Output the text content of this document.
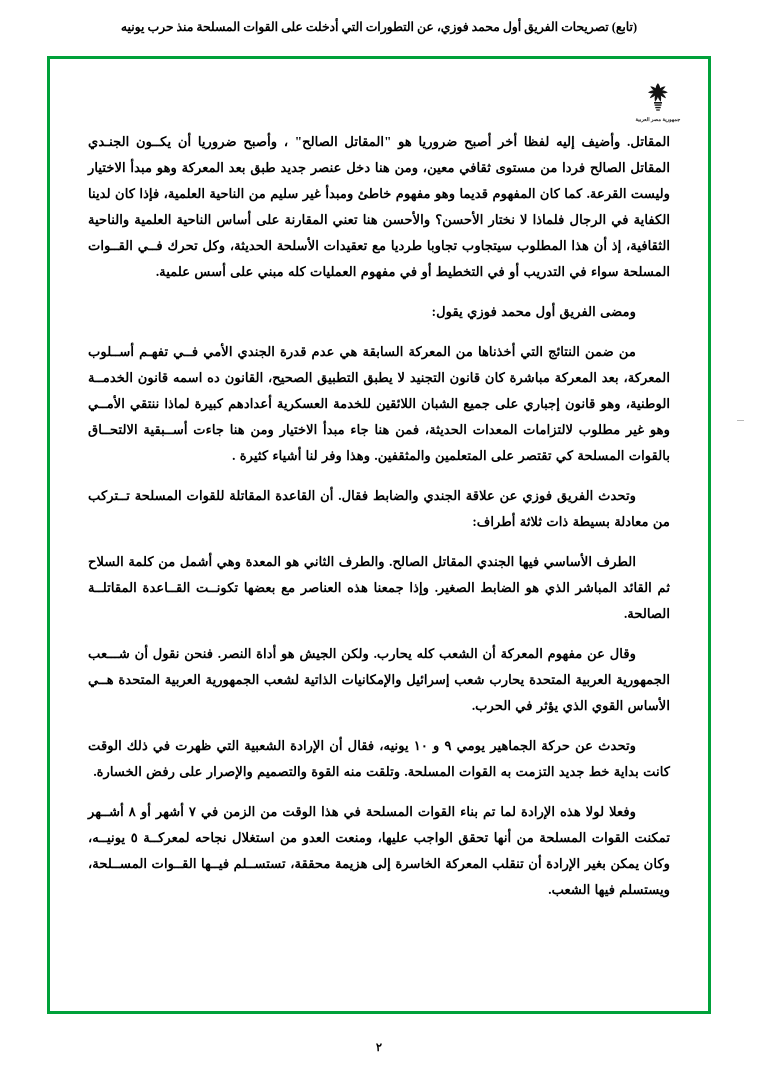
(تابع) تصريحات الفريق أول محمد فوزي، عن التطورات التي أدخلت على القوات المسلحة منذ حرب يونيه
جمهورية مصر العربية

المقاتل. وأضيف إليه لفظا أخر أصبح ضروريا هو "المقاتل الصالح" ، وأصبح ضروريا أن يكــون الجنـدي المقاتل الصالح فردا من مستوى ثقافي معين، ومن هنا دخل عنصر جديد طبق بعد المعركة وهو مبدأ الاختيار وليست القرعة. كما كان المفهوم قديما وهو مفهوم خاطئ ومبدأ غير سليم من الناحية العلمية، فإذا كان لدينا الكفاية في الرجال فلماذا لا نختار الأحسن؟ والأحسن هنا تعني المقارنة على أساس الناحية العلمية والناحية الثقافية، إذ أن هذا المطلوب سيتجاوب تجاوبا طرديا مع تعقيدات الأسلحة الحديثة، وكل تحرك فــي القــوات المسلحة سواء في التدريب أو في التخطيط أو في مفهوم العمليات كله مبني على أسس علمية.

ومضى الفريق أول محمد فوزي يقول:

من ضمن النتائج التي أخذناها من المعركة السابقة هي عدم قدرة الجندي الأمي فــي تفهـم أســلوب المعركة، بعد المعركة مباشرة كان قانون التجنيد لا يطبق التطبيق الصحيح، القانون ده اسمه قانون الخدمــة الوطنية، وهو قانون إجباري على جميع الشبان اللائقين للخدمة العسكرية أعدادهم كبيرة لماذا ننتقي الأمــي وهو غير مطلوب لالتزامات المعدات الحديثة، فمن هنا جاء مبدأ الاختيار ومن هنا جاءت أســبقية الالتحــاق بالقوات المسلحة كي تقتصر على المتعلمين والمثقفين. وهذا وفر لنا أشياء كثيرة .

وتحدث الفريق فوزي عن علاقة الجندي والضابط فقال. أن القاعدة المقاتلة للقوات المسلحة تــتركب من معادلة بسيطة ذات ثلاثة أطراف:

الطرف الأساسي فيها الجندي المقاتل الصالح. والطرف الثاني هو المعدة وهي أشمل من كلمة السلاح ثم القائد المباشر الذي هو الضابط الصغير. وإذا جمعنا هذه العناصر مع بعضها تكونــت القــاعدة المقاتلــة الصالحة.

وقال عن مفهوم المعركة أن الشعب كله يحارب. ولكن الجيش هو أداة النصر. فنحن نقول أن شـــعب الجمهورية العربية المتحدة يحارب شعب إسرائيل والإمكانيات الذاتية لشعب الجمهورية العربية المتحدة هــي الأساس القوي الذي يؤثر في الحرب.

وتحدث عن حركة الجماهير يومي ٩ و ١٠ يونيه، فقال أن الإرادة الشعبية التي ظهرت في ذلك الوقت كانت بداية خط جديد التزمت به القوات المسلحة. وتلقت منه القوة والتصميم والإصرار على رفض الخسارة.

وفعلا لولا هذه الإرادة لما تم بناء القوات المسلحة في هذا الوقت من الزمن في ٧ أشهر أو ٨ أشــهر تمكنت القوات المسلحة من أنها تحقق الواجب عليها، ومنعت العدو من استغلال نجاحه لمعركــة ٥ يونيــه، وكان يمكن بغير الإرادة أن تنقلب المعركة الخاسرة إلى هزيمة محققة، تستســلم فيــها القــوات المســلحة، ويستسلم فيها الشعب.

٢
